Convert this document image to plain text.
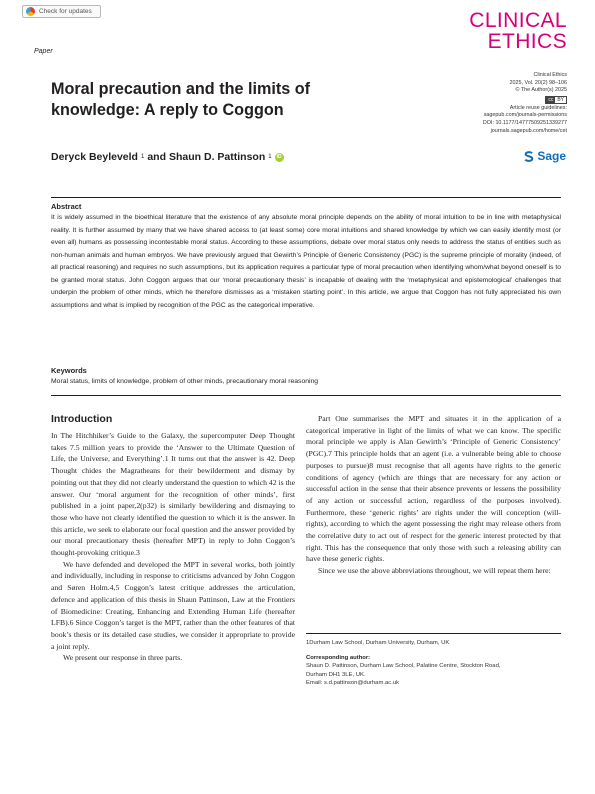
Check for updates	CLINICAL
ETHICS
Paper
Moral precaution and the limits of knowledge: A reply to Coggon
Clinical Ethics
2025, Vol. 20(2) 98–106
© The Author(s) 2025
cc BY
Article reuse guidelines:
sagepub.com/journals-permissions
DOI: 10.1177/14777509251339277
journals.sagepub.com/home/cet
Sage
Deryck Beyleveld 1 and Shaun D. Pattinson 1	iD
Abstract

It is widely assumed in the bioethical literature that the existence of any absolute moral principle depends on the ability of moral intuition to be in line with metaphysical reality. It is further assumed by many that we have shared access to (at least some) core moral intuitions and shared knowledge by which we can easily identify most (or even all) humans as possessing incontestable moral status. According to these assumptions, debate over moral status only needs to address the status of entities such as non-human animals and human embryos. We have previously argued that Gewirth’s Principle of Generic Consistency (PGC) is the supreme principle of morality (indeed, of all practical reasoning) and requires no such assumptions, but its application requires a particular type of moral precaution when identifying whom/what beyond oneself is to be granted moral status. John Coggon argues that our ‘moral precautionary thesis’ is incapable of dealing with the ‘metaphysical and epistemological’ challenges that underpin the problem of other minds, which he therefore dismisses as a ‘mistaken starting point’. In this article, we argue that Coggon has not fully appreciated his own assumptions and what is implied by recognition of the PGC as the categorical imperative.

Keywords
Moral status, limits of knowledge, problem of other minds, precautionary moral reasoning
Introduction

In The Hitchhiker’s Guide to the Galaxy, the supercomputer Deep Thought takes 7.5 million years to provide the ‘Answer to the Ultimate Question of Life, the Universe, and Everything’.1 It turns out that the answer is 42. Deep Thought chides the Magratheans for their bewilderment and dismay by pointing out that they did not clearly understand the question to which 42 is the answer. Our ‘moral argument for the recognition of other minds’, first published in a joint paper,2(p32) is similarly bewildering and dismaying to those who have not clearly identified the question to which it is the answer. In this article, we seek to elaborate our focal question and the answer provided by our moral precautionary thesis (hereafter MPT) in reply to John Coggon’s thought-provoking critique.3

We have defended and developed the MPT in several works, both jointly and individually, including in response to criticisms advanced by John Coggon and Søren Holm.4,5 Coggon’s latest critique addresses the articulation, defence and application of this thesis in Shaun Pattinson, Law at the Frontiers of Biomedicine: Creating, Enhancing and Extending Human Life (hereafter LFB).6 Since Coggon’s target is the MPT, rather than the other features of that book’s thesis or its detailed case studies, we consider it appropriate to provide a joint reply.

We present our response in three parts.

Part One summarises the MPT and situates it in the application of a categorical imperative in light of the limits of what we can know. The specific moral principle we apply is Alan Gewirth’s ‘Principle of Generic Consistency’ (PGC).7 This principle holds that an agent (i.e. a vulnerable being able to choose purposes to pursue)8 must recognise that all agents have rights to the generic conditions of agency (which are things that are necessary for any action or successful action in the sense that their absence prevents or lessens the possibility of any action or successful action, regardless of the purposes involved). Furthermore, these ‘generic rights’ are rights under the will conception (will-rights), according to which the agent possessing the right may release others from the correlative duty to act out of respect for the generic interest protected by that right. This has the consequence that only those with such a releasing ability can have these generic rights.

Since we use the above abbreviations throughout, we will repeat them here:

1Durham Law School, Durham University, Durham, UK
Corresponding author:
Shaun D. Pattinson, Durham Law School, Palatine Centre, Stockton Road,
Durham DH1 3LE, UK.
Email: s.d.pattinson@durham.ac.uk
